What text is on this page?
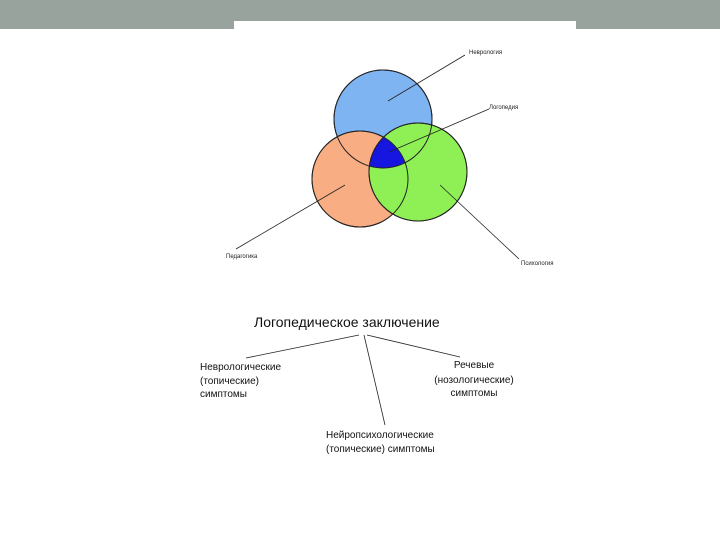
Неврология
Логопедия
Педагогика
Психология
Логопедическое заключение
Неврологические
(топические)
симптомы
Речевые
(нозологические)
симптомы
Нейропсихологические
(топические) симптомы
